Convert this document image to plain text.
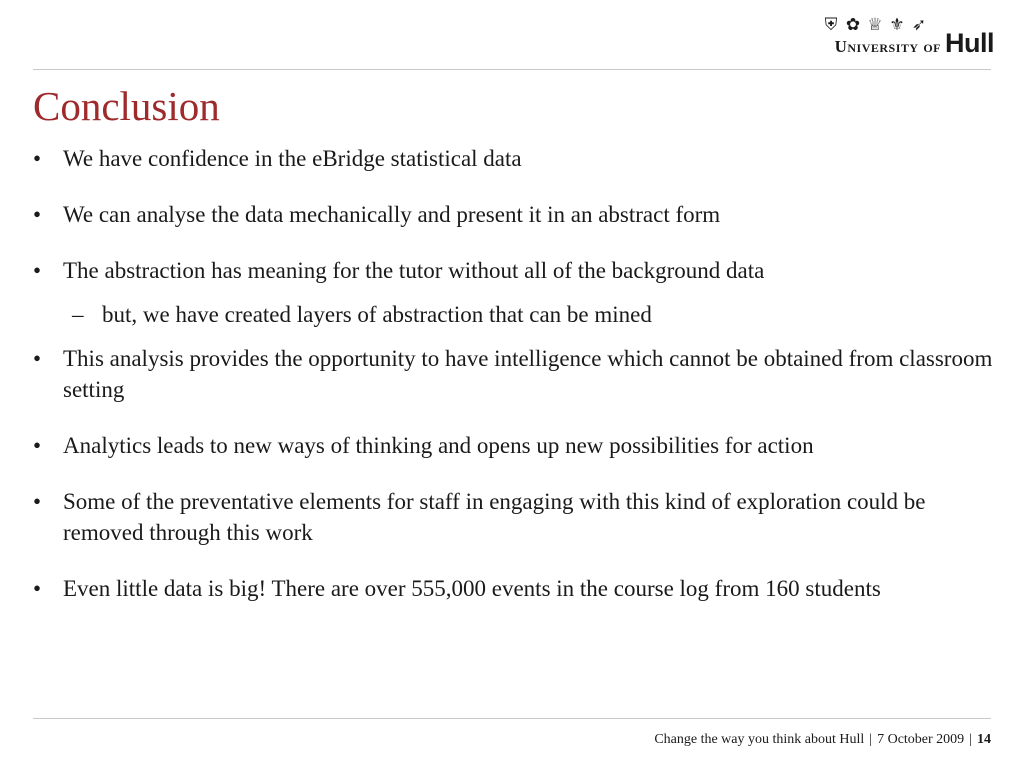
⛨ ✿ ♕ ⚜ ➶
University of Hull
Conclusion
• We have confidence in the eBridge statistical data
• We can analyse the data mechanically and present it in an abstract form
• The abstraction has meaning for the tutor without all of the background data
– but, we have created layers of abstraction that can be mined
• This analysis provides the opportunity to have intelligence which cannot be obtained from classroom setting
• Analytics leads to new ways of thinking and opens up new possibilities for action
• Some of the preventative elements for staff in engaging with this kind of exploration could be removed through this work
• Even little data is big! There are over 555,000 events in the course log from 160 students
Change the way you think about Hull | 7 October 2009 | 14
